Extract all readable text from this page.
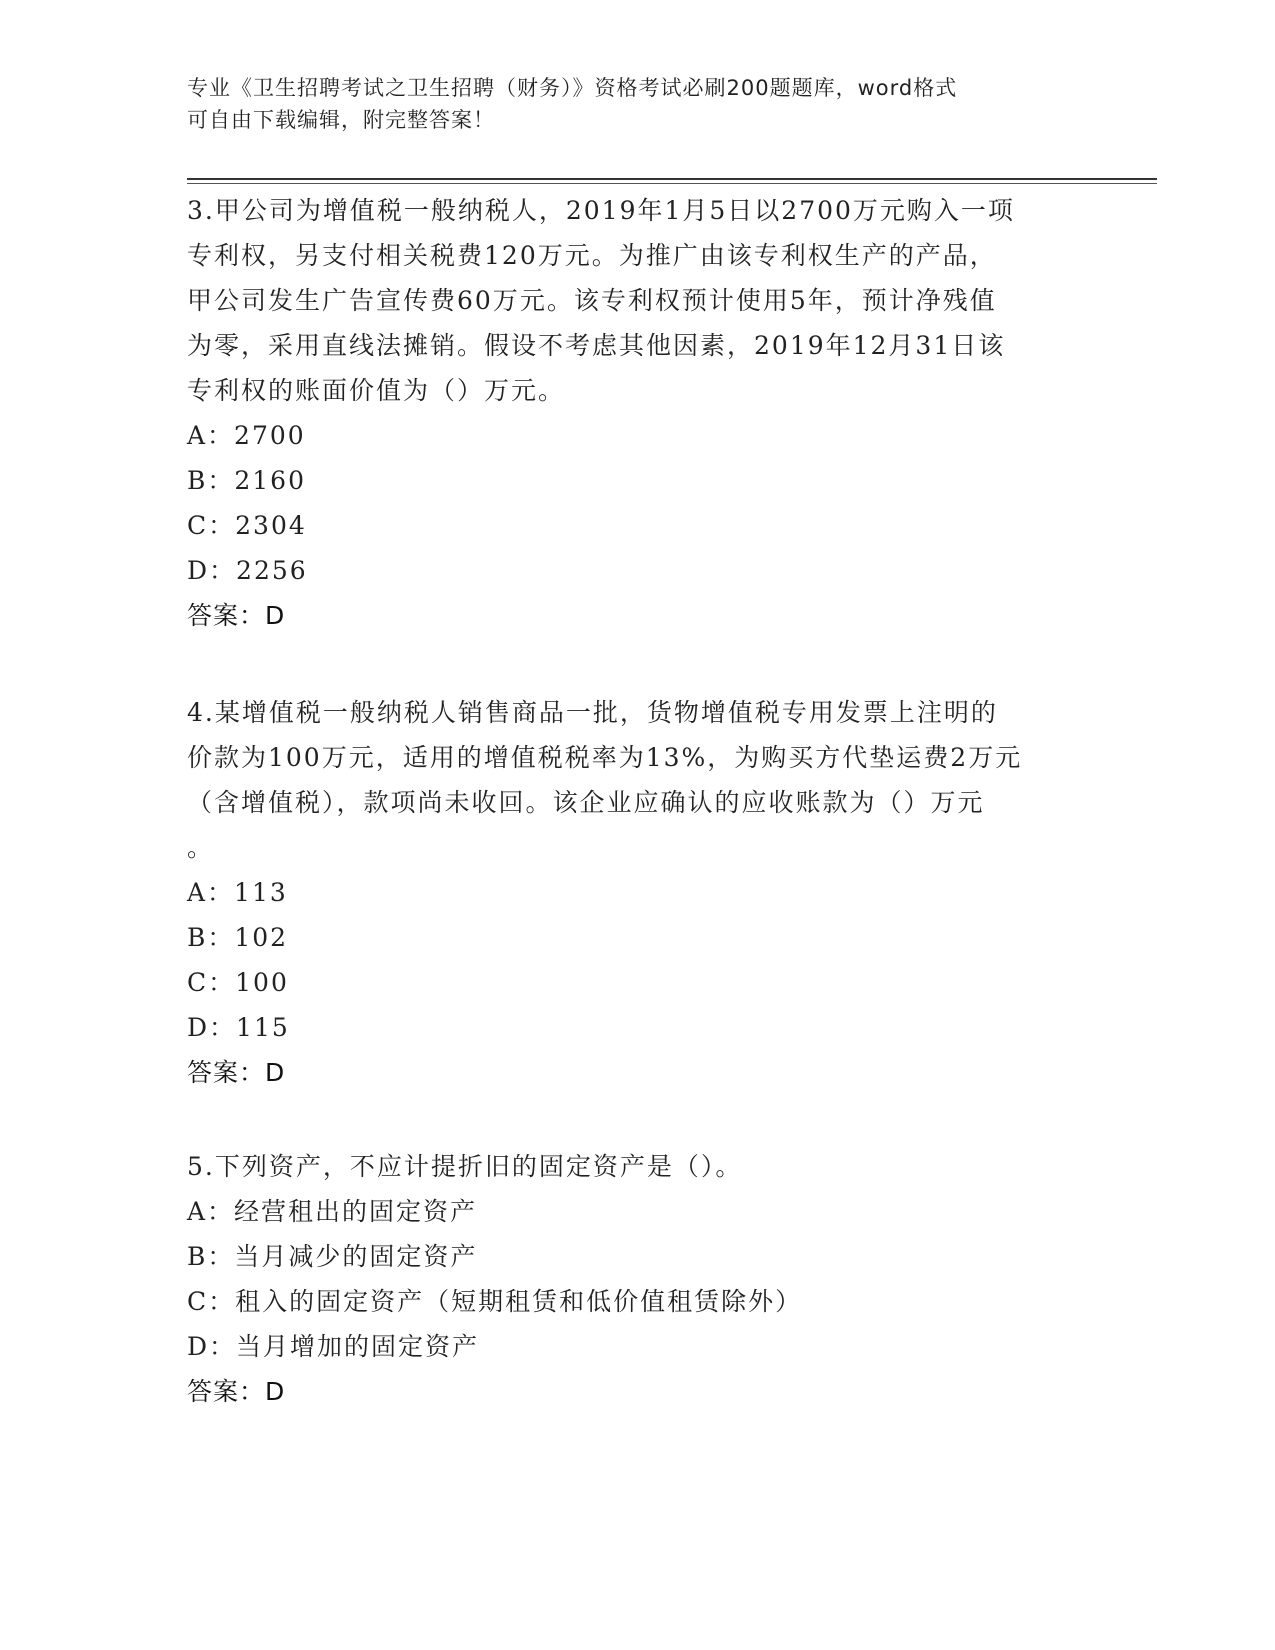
专业《卫生招聘考试之卫生招聘（财务）》资格考试必刷200题题库，word格式

可自由下载编辑，附完整答案！

3.甲公司为增值税一般纳税人，2019年1月5日以2700万元购入一项

专利权，另支付相关税费120万元。为推广由该专利权生产的产品，

甲公司发生广告宣传费60万元。该专利权预计使用5年，预计净残值

为零，采用直线法摊销。假设不考虑其他因素，2019年12月31日该

专利权的账面价值为（）万元。

A：2700
B：2160
C：2304
D：2256
答案：D

4.某增值税一般纳税人销售商品一批，货物增值税专用发票上注明的

价款为100万元，适用的增值税税率为13%，为购买方代垫运费2万元

（含增值税），款项尚未收回。该企业应确认的应收账款为（）万元

。

A：113
B：102
C：100
D：115
答案：D

5.下列资产，不应计提折旧的固定资产是（）。

A：经营租出的固定资产
B：当月减少的固定资产
C：租入的固定资产（短期租赁和低价值租赁除外）
D：当月增加的固定资产
答案：D
